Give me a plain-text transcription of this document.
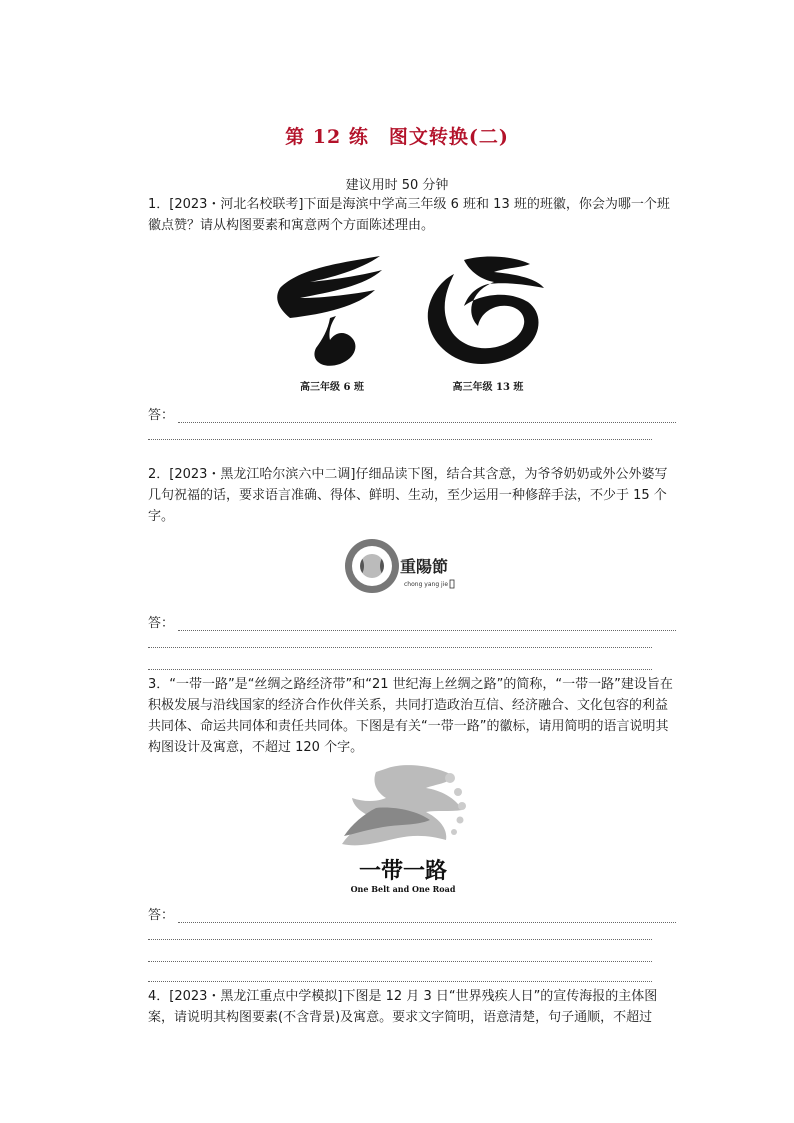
第 12 练　图文转换(二)
建议用时 50 分钟
1．[2023・河北名校联考]下面是海滨中学高三年级 6 班和 13 班的班徽，你会为哪一个班徽点赞？请从构图要素和寓意两个方面陈述理由。
高三年级 6 班	高三年级 13 班
答：
2．[2023・黑龙江哈尔滨六中二调]仔细品读下图，结合其含意，为爷爷奶奶或外公外婆写几句祝福的话，要求语言准确、得体、鲜明、生动，至少运用一种修辞手法，不少于 15 个字。
重陽節
chong yang jie
答：
3．“一带一路”是“丝绸之路经济带”和“21 世纪海上丝绸之路”的简称，“一带一路”建设旨在积极发展与沿线国家的经济合作伙伴关系，共同打造政治互信、经济融合、文化包容的利益共同体、命运共同体和责任共同体。下图是有关“一带一路”的徽标，请用简明的语言说明其构图设计及寓意，不超过 120 个字。
一带一路
One Belt and One Road
答：
4．[2023・黑龙江重点中学模拟]下图是 12 月 3 日“世界残疾人日”的宣传海报的主体图案，请说明其构图要素(不含背景)及寓意。要求文字简明，语意清楚，句子通顺，不超过
